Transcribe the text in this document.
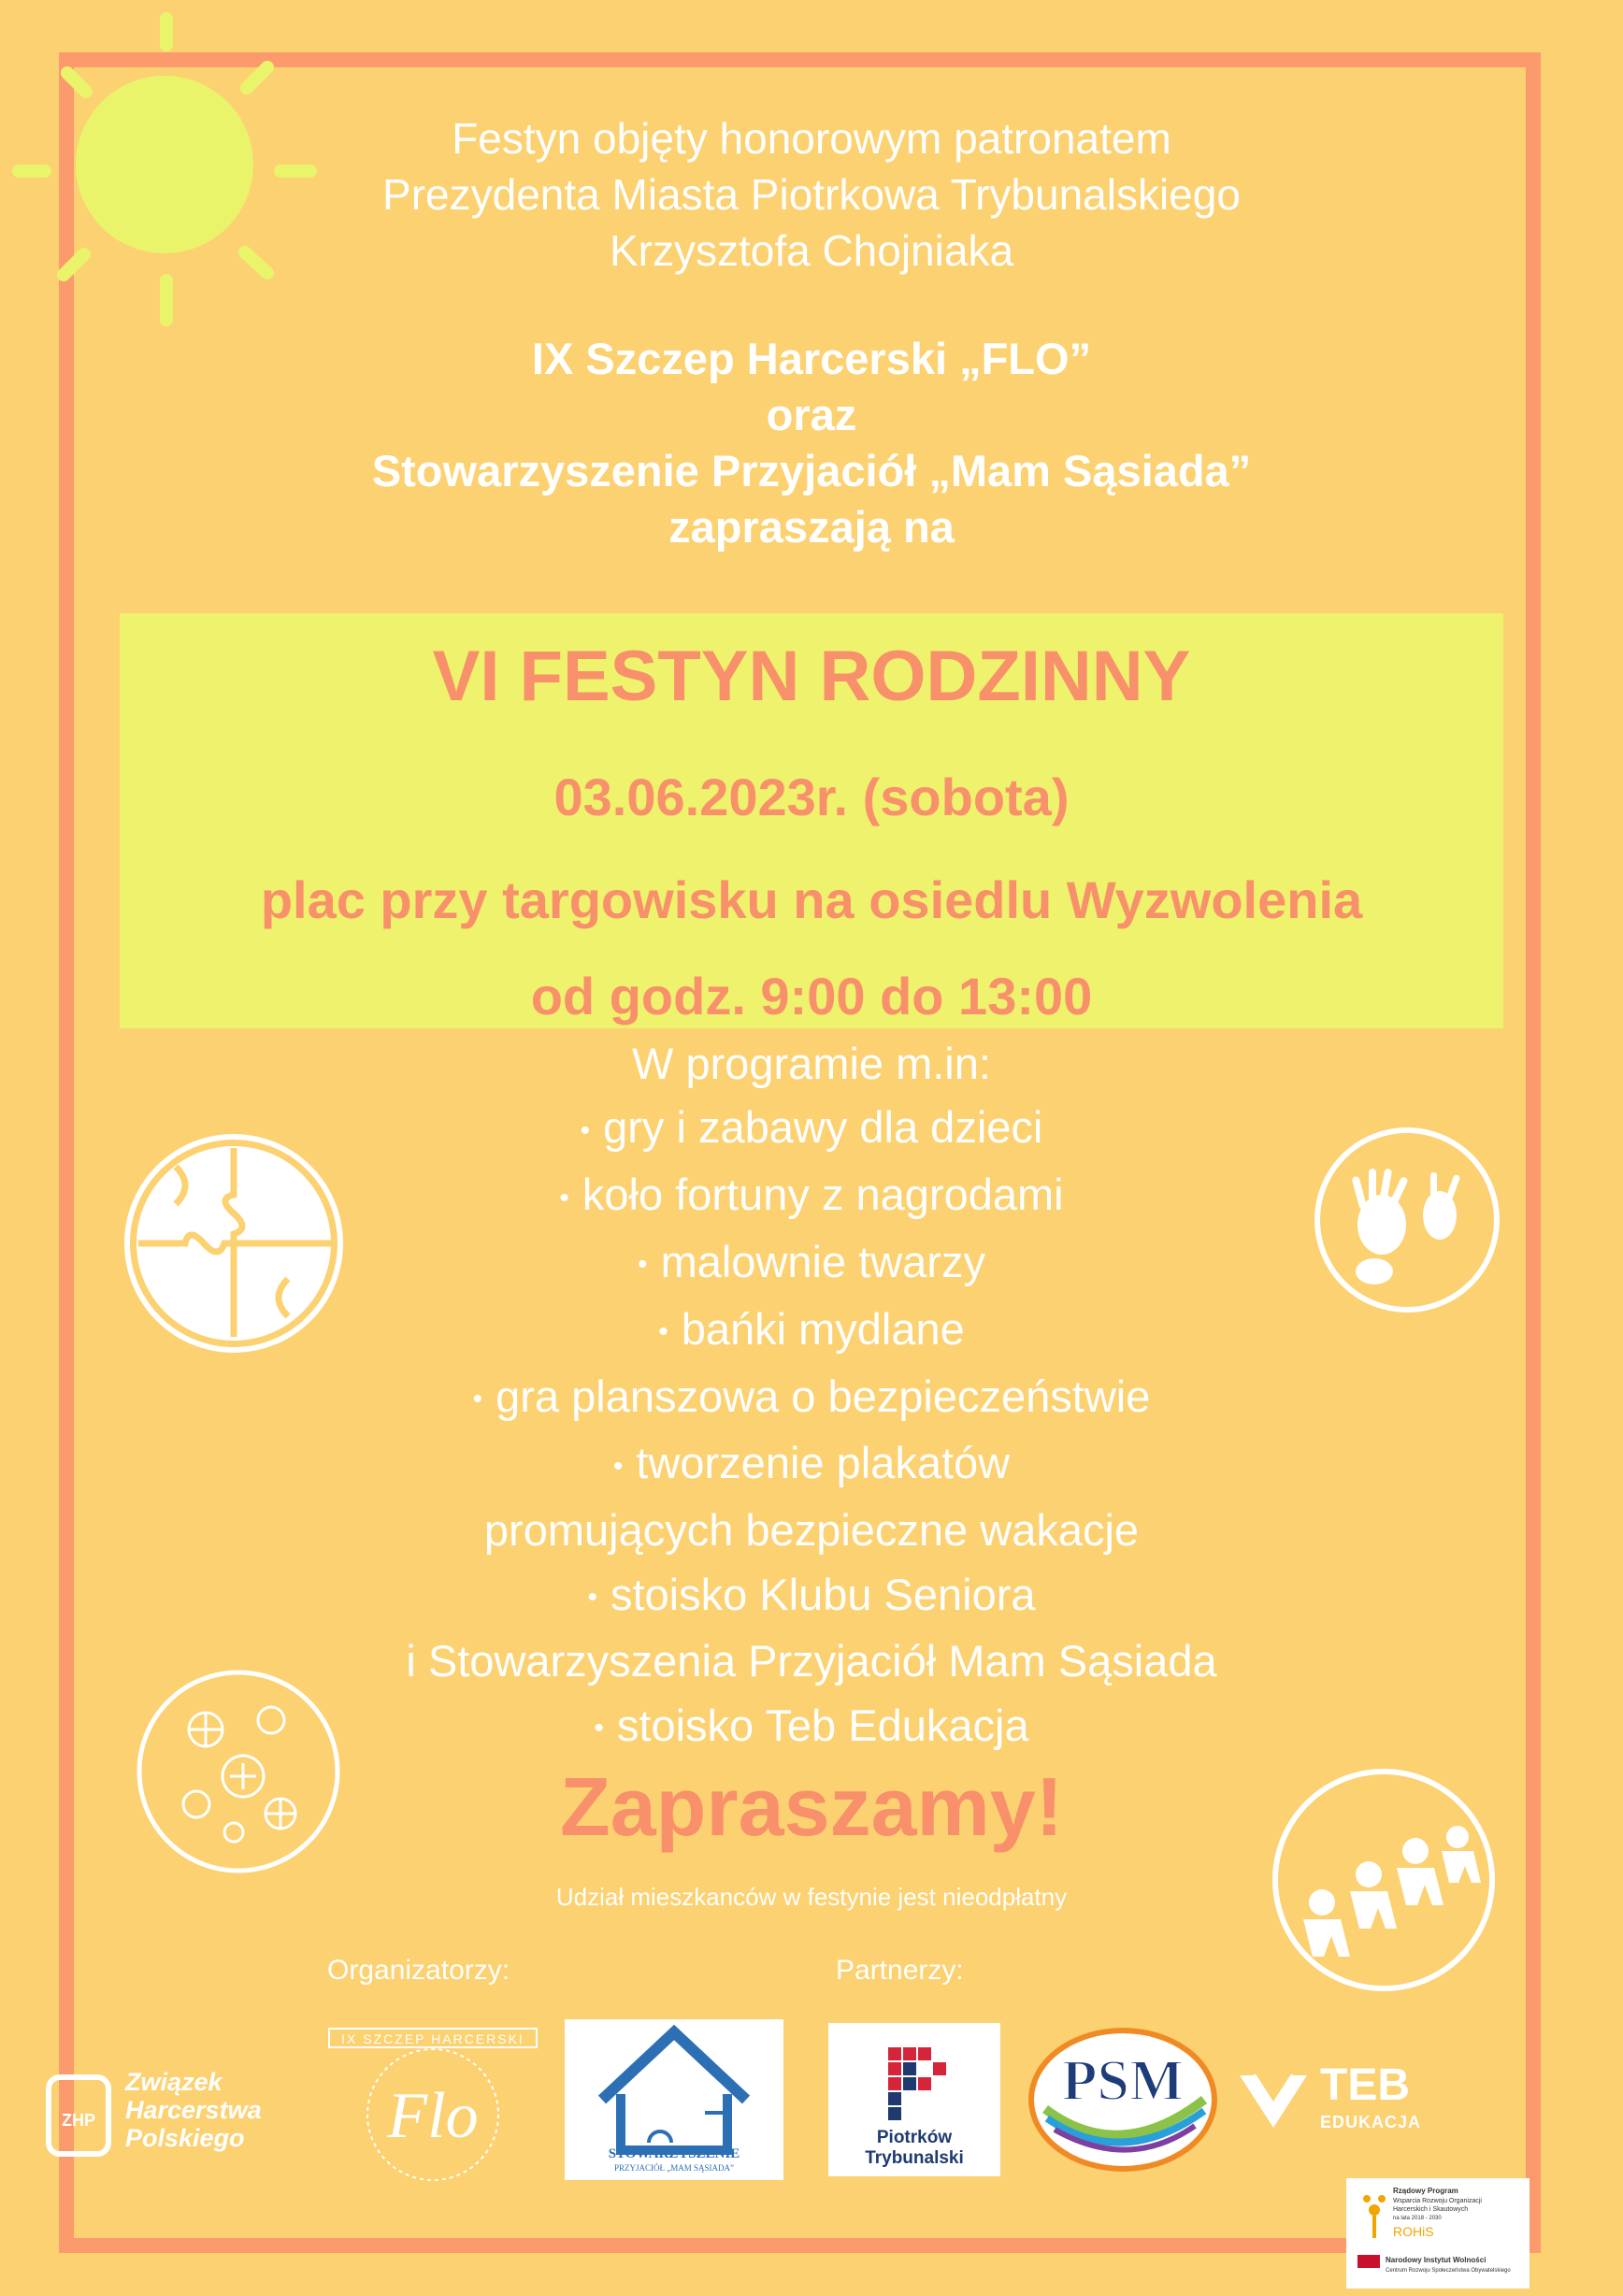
Festyn objęty honorowym patronatem
Prezydenta Miasta Piotrkowa Trybunalskiego
Krzysztofa Chojniaka
IX Szczep Harcerski „FLO”
oraz
Stowarzyszenie Przyjaciół „Mam Sąsiada”
zapraszają na
VI FESTYN RODZINNY
03.06.2023r. (sobota)
plac przy targowisku na osiedlu Wyzwolenia
od godz. 9:00 do 13:00
W programie m.in:
• gry i zabawy dla dzieci
• koło fortuny z nagrodami
• malownie twarzy
• bańki mydlane
• gra planszowa o bezpieczeństwie
• tworzenie plakatów
promujących bezpieczne wakacje
• stoisko Klubu Seniora
i Stowarzyszenia Przyjaciół Mam Sąsiada
• stoisko Teb Edukacja
Zapraszamy!
Udział mieszkanców w festynie jest nieodpłatny
Organizatorzy:	Partnerzy:
ZHP
Związek
Harcerstwa
Polskiego
IX SZCZEP HARCERSKI
Flo
STOWARZYSZENIE
PRZYJACIÓŁ „MAM SĄSIADA”
Piotrków
Trybunalski
PSM	TEB
EDUKACJA
Rządowy Program
Wsparcia Rozwoju Organizacji
Harcerskich i Skautowych
na lata 2018 - 2030
ROHiS
Narodowy Instytut Wolności
Centrum Rozwoju Społeczeństwa Obywatelskiego
